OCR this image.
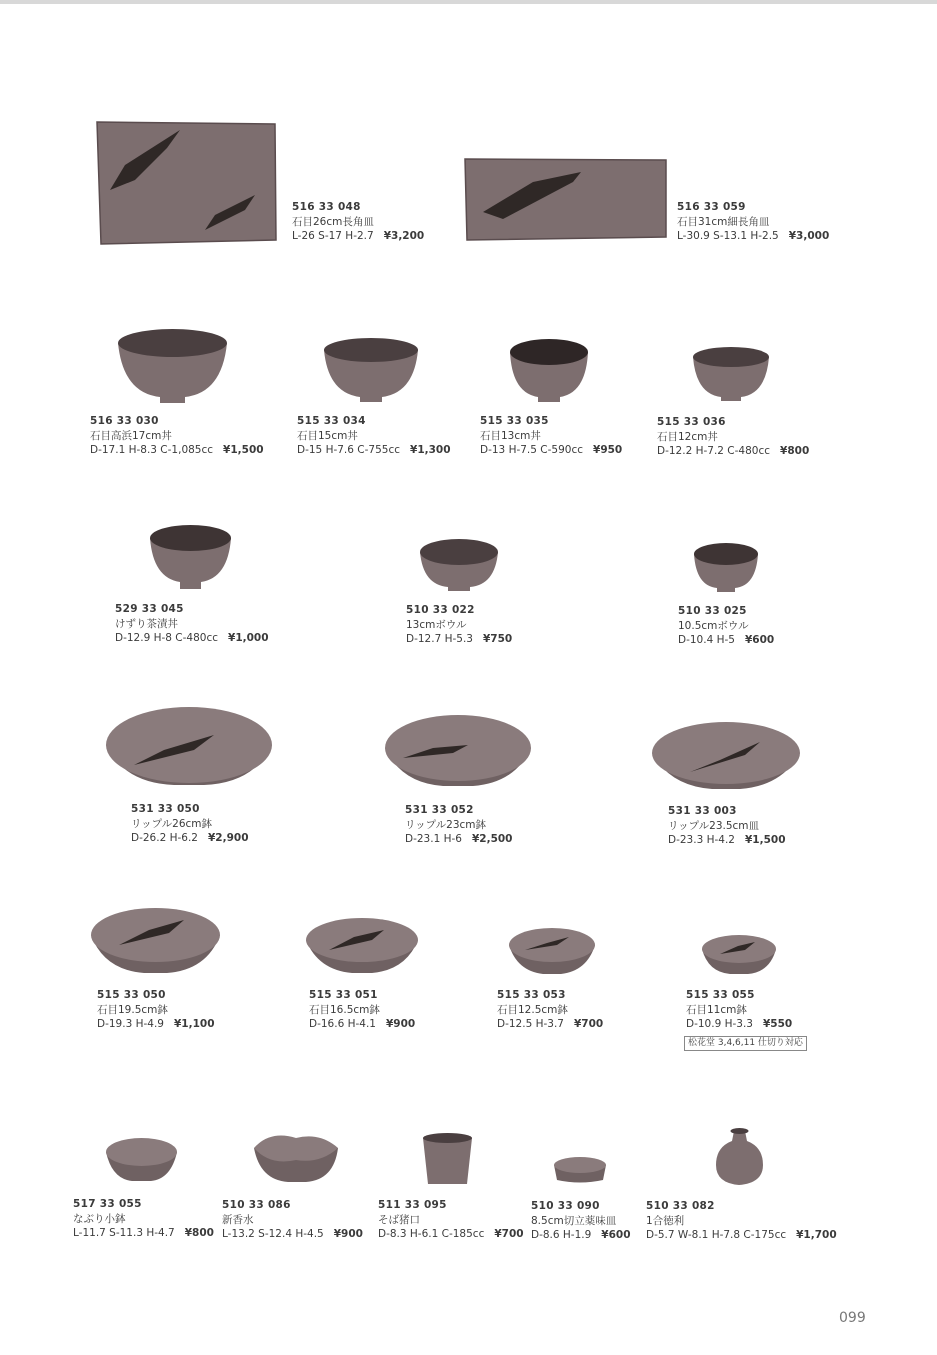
516 33 048
石目26cm長角皿
L-26 S-17 H-2.7 ¥3,200
516 33 059
石目31cm細長角皿
L-30.9 S-13.1 H-2.5 ¥3,000
516 33 030
石目高浜17cm丼
D-17.1 H-8.3 C-1,085cc ¥1,500
515 33 034
石目15cm丼
D-15 H-7.6 C-755cc ¥1,300
515 33 035
石目13cm丼
D-13 H-7.5 C-590cc ¥950
515 33 036
石目12cm丼
D-12.2 H-7.2 C-480cc ¥800
529 33 045
けずり茶漬丼
D-12.9 H-8 C-480cc ¥1,000
510 33 022
13cmボウル
D-12.7 H-5.3 ¥750
510 33 025
10.5cmボウル
D-10.4 H-5 ¥600
531 33 050
リップル26cm鉢
D-26.2 H-6.2 ¥2,900
531 33 052
リップル23cm鉢
D-23.1 H-6 ¥2,500
531 33 003
リップル23.5cm皿
D-23.3 H-4.2 ¥1,500
515 33 050
石目19.5cm鉢
D-19.3 H-4.9 ¥1,100
515 33 051
石目16.5cm鉢
D-16.6 H-4.1 ¥900
515 33 053
石目12.5cm鉢
D-12.5 H-3.7 ¥700
515 33 055
石目11cm鉢
D-10.9 H-3.3 ¥550
松花堂 3,4,6,11 仕切り対応
517 33 055
なぶり小鉢
L-11.7 S-11.3 H-4.7 ¥800
510 33 086
新香水
L-13.2 S-12.4 H-4.5 ¥900
511 33 095
そば猪口
D-8.3 H-6.1 C-185cc ¥700
510 33 090
8.5cm切立薬味皿
D-8.6 H-1.9 ¥600
510 33 082
1合徳利
D-5.7 W-8.1 H-7.8 C-175cc ¥1,700
099
